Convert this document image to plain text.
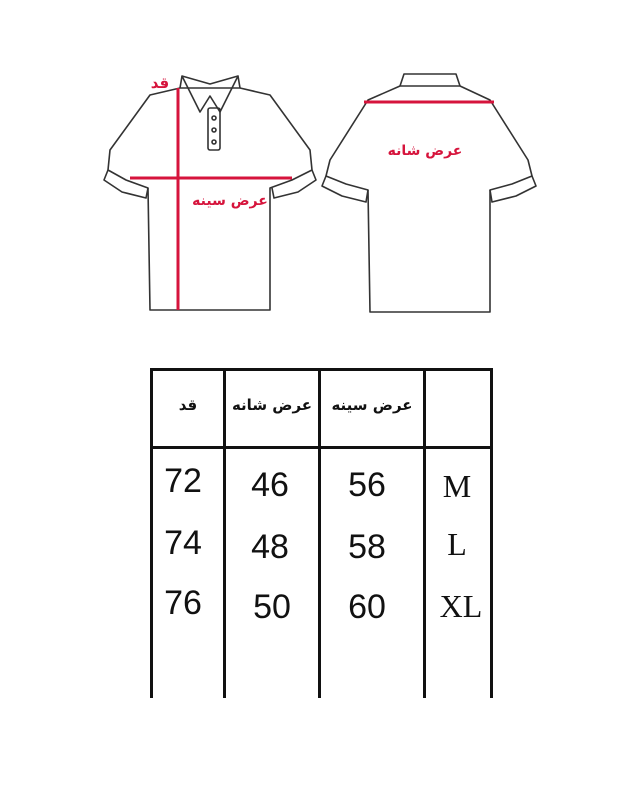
قد
عرض سینه
عرض شانه
قد	عرض شانه	عرض سینه
72	46	56	M
74	48	58	L
76	50	60	XL
